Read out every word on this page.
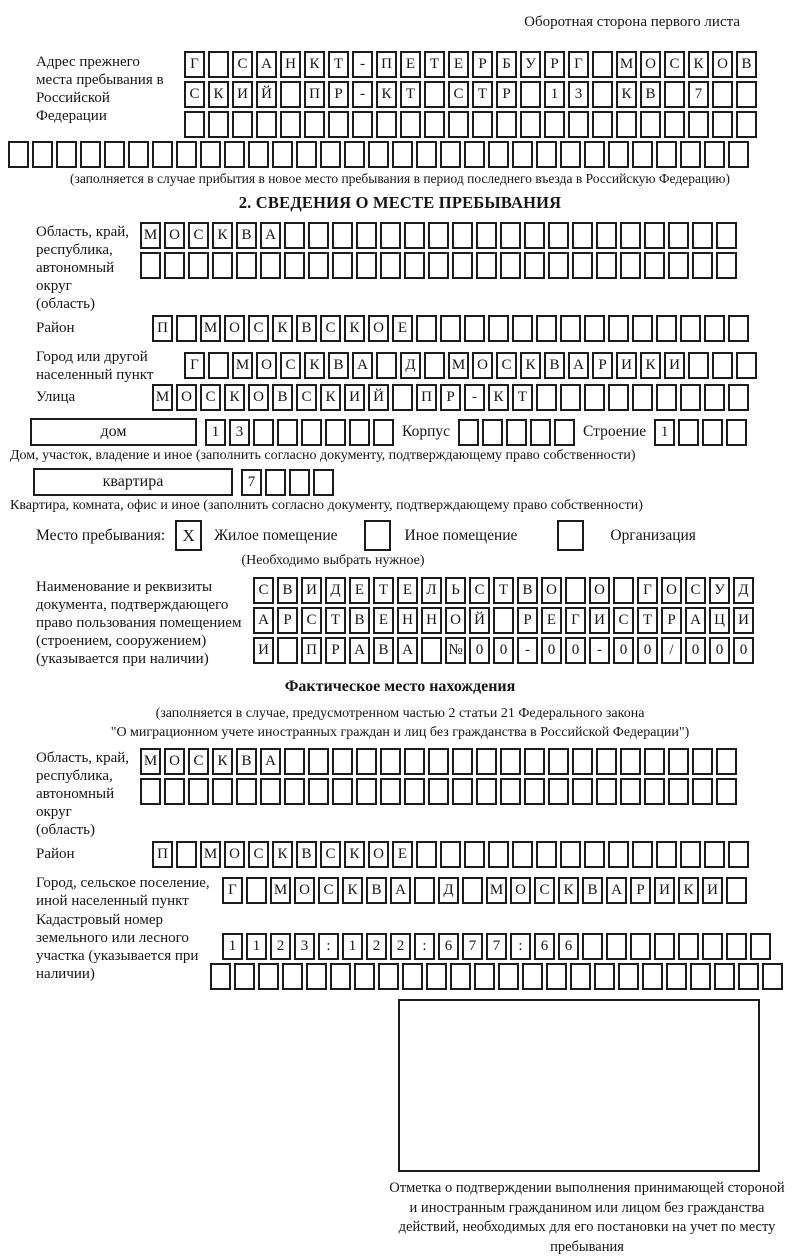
Оборотная сторона первого листа
Адрес прежнего места пребывания в Российской Федерации
Г	С А Н К Т	-	П Е Т Е	Р	Б У Р	Г	М О С К О В
С К И Й	П Р	-	К Т	С Т	Р	1	3	К В	7
(заполняется в случае прибытия в новое место пребывания в период последнего въезда в Российскую Федерацию)
2. СВЕДЕНИЯ О МЕСТЕ ПРЕБЫВАНИЯ
Область, край, республика, автономный округ (область)
М О С К В А
Район	П	М О С К В С К О Е
Город или другой населенный пункт
Г	М О С К В А	Д	М О С К В А Р И К И
Улица	М О С К О В С К И Й	П Р	-	К Т
дом	1	3	Корпус	Строение 1
Дом, участок, владение и иное (заполнить согласно документу, подтверждающему право собственности)
квартира	7
Квартира, комната, офис и иное (заполнить согласно документу, подтверждающему право собственности)
Место пребывания:	X	Жилое помещение	Иное помещение	Организация
(Необходимо выбрать нужное)
Наименование и реквизиты документа, подтверждающего право пользования помещением (строением, сооружением) (указывается при наличии)
С В И Д Е Т Е Л Ь С Т В О	О	Г О С У Д
А Р С Т В Е Н Н О Й	Р	Е	Г И С Т	Р А Ц И
И	П Р А В А	№ 0	0	-	0	0	-	0	0	/	0	0	0
Фактическое место нахождения
(заполняется в случае, предусмотренном частью 2 статьи 21 Федерального закона
"О миграционном учете иностранных граждан и лиц без гражданства в Российской Федерации")
Область, край, республика, автономный округ (область)
М О С К В А
Район	П	М О С К В С К О Е
Город, сельское поселение, иной населенный пункт
Г	М О С К В А	Д	М О С К В А Р И К И
Кадастровый номер земельного или лесного участка (указывается при наличии)
1	1	2	3	:	1	2	2	:	6	7	7	:	6	6
Отметка о подтверждении выполнения принимающей стороной и иностранным гражданином или лицом без гражданства действий, необходимых для его постановки на учет по месту пребывания
